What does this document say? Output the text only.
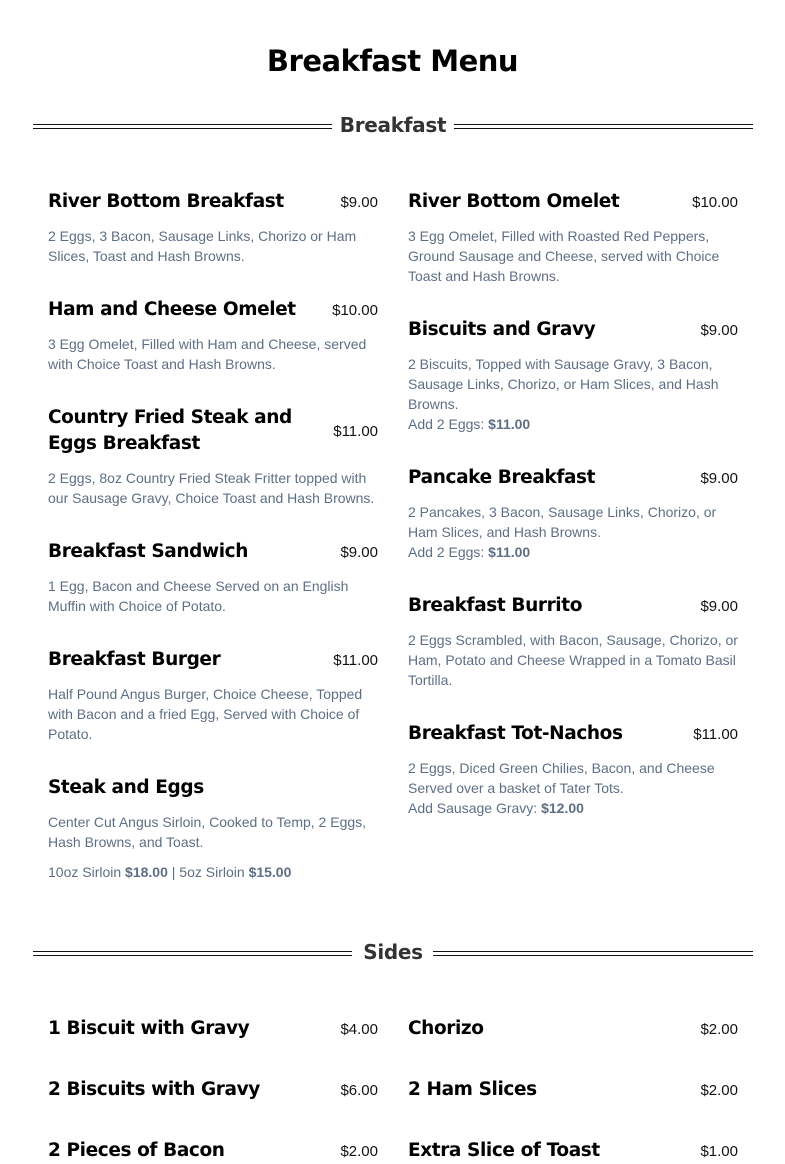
Breakfast Menu
Breakfast
River Bottom Breakfast	$9.00
2 Eggs, 3 Bacon, Sausage Links, Chorizo or Ham Slices, Toast and Hash Browns.
Ham and Cheese Omelet $10.00
3 Egg Omelet, Filled with Ham and Cheese, served with Choice Toast and Hash Browns.
Country Fried Steak and Eggs Breakfast
$11.00
2 Eggs, 8oz Country Fried Steak Fritter topped with our Sausage Gravy, Choice Toast and Hash Browns.
Breakfast Sandwich	$9.00
1 Egg, Bacon and Cheese Served on an English Muffin with Choice of Potato.
Breakfast Burger	$11.00
Half Pound Angus Burger, Choice Cheese, Topped with Bacon and a fried Egg, Served with Choice of Potato.
Steak and Eggs
Center Cut Angus Sirloin, Cooked to Temp, 2 Eggs, Hash Browns, and Toast.
10oz Sirloin $18.00 | 5oz Sirloin $15.00
River Bottom Omelet	$10.00
3 Egg Omelet, Filled with Roasted Red Peppers, Ground Sausage and Cheese, served with Choice Toast and Hash Browns.
Biscuits and Gravy	$9.00
2 Biscuits, Topped with Sausage Gravy, 3 Bacon, Sausage Links, Chorizo, or Ham Slices, and Hash Browns.
Add 2 Eggs: $11.00
Pancake Breakfast	$9.00
2 Pancakes, 3 Bacon, Sausage Links, Chorizo, or Ham Slices, and Hash Browns.
Add 2 Eggs: $11.00
Breakfast Burrito	$9.00
2 Eggs Scrambled, with Bacon, Sausage, Chorizo, or Ham, Potato and Cheese Wrapped in a Tomato Basil Tortilla.
Breakfast Tot-Nachos	$11.00
2 Eggs, Diced Green Chilies, Bacon, and Cheese Served over a basket of Tater Tots.
Add Sausage Gravy: $12.00
Sides
1 Biscuit with Gravy	$4.00
2 Biscuits with Gravy	$6.00
2 Pieces of Bacon	$2.00
Chorizo	$2.00
2 Ham Slices	$2.00
Extra Slice of Toast	$1.00
